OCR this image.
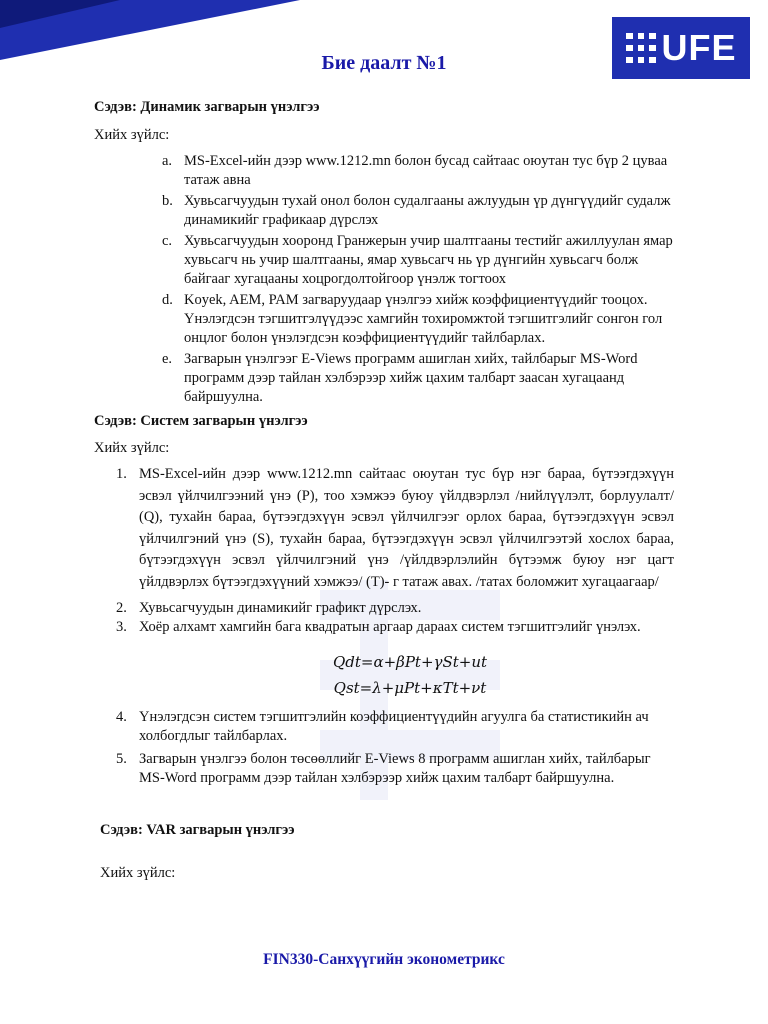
UFE
Бие даалт №1
Сэдэв: Динамик загварын үнэлгээ
Хийх зүйлс:
a. MS-Excel-ийн дээр www.1212.mn болон бусад сайтаас оюутан тус бүр 2 цуваа татаж авна
b. Хувьсагчуудын тухай онол болон судалгааны ажлуудын үр дүнгүүдийг судалж динамикийг графикаар дүрслэх
c. Хувьсагчуудын хооронд Гранжерын учир шалтгааны тестийг ажиллуулан ямар хувьсагч нь учир шалтгааны, ямар хувьсагч нь үр дүнгийн хувьсагч болж байгааг хугацааны хоцрогдолтойгоор үнэлж тогтоох
d. Koyek, AEM, PAM загваруудаар үнэлгээ хийж коэффициентүүдийг тооцох. Үнэлэгдсэн тэгшитгэлүүдээс хамгийн тохиромжтой тэгшитгэлийг сонгон гол онцлог болон үнэлэгдсэн коэффициентүүдийг тайлбарлах.
e. Загварын үнэлгээг E-Views программ ашиглан хийх, тайлбарыг MS-Word программ дээр тайлан хэлбэрээр хийж цахим талбарт заасан хугацаанд байршуулна.
Сэдэв: Систем загварын үнэлгээ
Хийх зүйлс:
1. MS-Excel-ийн дээр www.1212.mn сайтаас оюутан тус бүр нэг бараа, бүтээгдэхүүн эсвэл үйлчилгээний үнэ (P), тоо хэмжээ буюу үйлдвэрлэл /нийлүүлэлт, борлуулалт/ (Q), тухайн бараа, бүтээгдэхүүн эсвэл үйлчилгээг орлох бараа, бүтээгдэхүүн эсвэл үйлчилгэний үнэ (S), тухайн бараа, бүтээгдэхүүн эсвэл үйлчилгээтэй хослох бараа, бүтээгдэхүүн эсвэл үйлчилгэний үнэ /үйлдвэрлэлийн бүтээмж буюу нэг цагт үйлдвэрлэх бүтээгдэхүүний хэмжээ/ (T)- г татаж авах. /татах боломжит хугацаагаар/
2. Хувьсагчуудын динамикийг графикт дүрслэх.
3. Хоёр алхамт хамгийн бага квадратын аргаар дараах систем тэгшитгэлийг үнэлэх.
𝑄𝑑𝑡=𝛼+𝛽𝑃𝑡+𝛾𝑆𝑡+𝑢𝑡
𝑄𝑠𝑡=𝜆+𝜇𝑃𝑡+𝜅𝑇𝑡+𝜈𝑡
4. Үнэлэгдсэн систем тэгшитгэлийн коэффициентүүдийн агуулга ба статистикийн ач холбогдлыг тайлбарлах.
5. Загварын үнэлгээ болон төсөөллийг E-Views 8 программ ашиглан хийх, тайлбарыг MS-Word программ дээр тайлан хэлбэрээр хийж цахим талбарт байршуулна.
Сэдэв: VAR загварын үнэлгээ
Хийх зүйлс:
FIN330-Санхүүгийн эконометрикс
